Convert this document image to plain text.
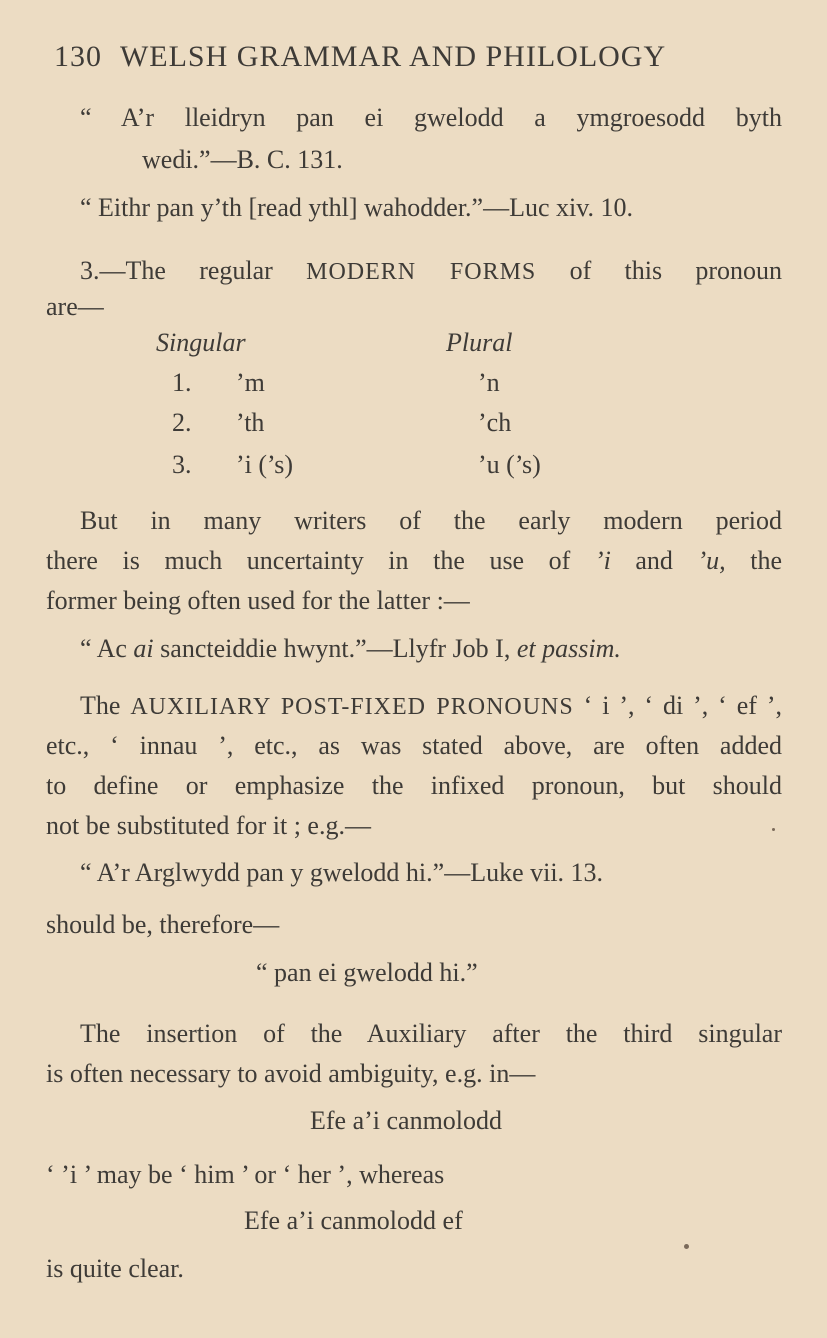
130 WELSH GRAMMAR AND PHILOLOGY
“ A’r lleidryn pan ei gwelodd a ymgroesodd byth
wedi.”—B. C. 131.
“ Eithr pan y’th [read ythl] wahodder.”—Luc xiv. 10.
3.—The regular MODERN FORMS of this pronoun
are—
Singular	Plural
1. ’m	’n
2. ’th	’ch
3. ’i (’s)	’u (’s)
But in many writers of the early modern period
there is much uncertainty in the use of ’i and ’u, the
former being often used for the latter :—
“ Ac ai sancteiddie hwynt.”—Llyfr Job I, et passim.
The AUXILIARY POST-FIXED PRONOUNS ‘ i ’, ‘ di ’, ‘ ef ’,
etc., ‘ innau ’, etc., as was stated above, are often added
to define or emphasize the infixed pronoun, but should
not be substituted for it ; e.g.—
“ A’r Arglwydd pan y gwelodd hi.”—Luke vii. 13.
should be, therefore—
“ pan ei gwelodd hi.”
The insertion of the Auxiliary after the third singular
is often necessary to avoid ambiguity, e.g. in—
Efe a’i canmolodd
‘ ’i ’ may be ‘ him ’ or ‘ her ’, whereas
Efe a’i canmolodd ef
is quite clear.
